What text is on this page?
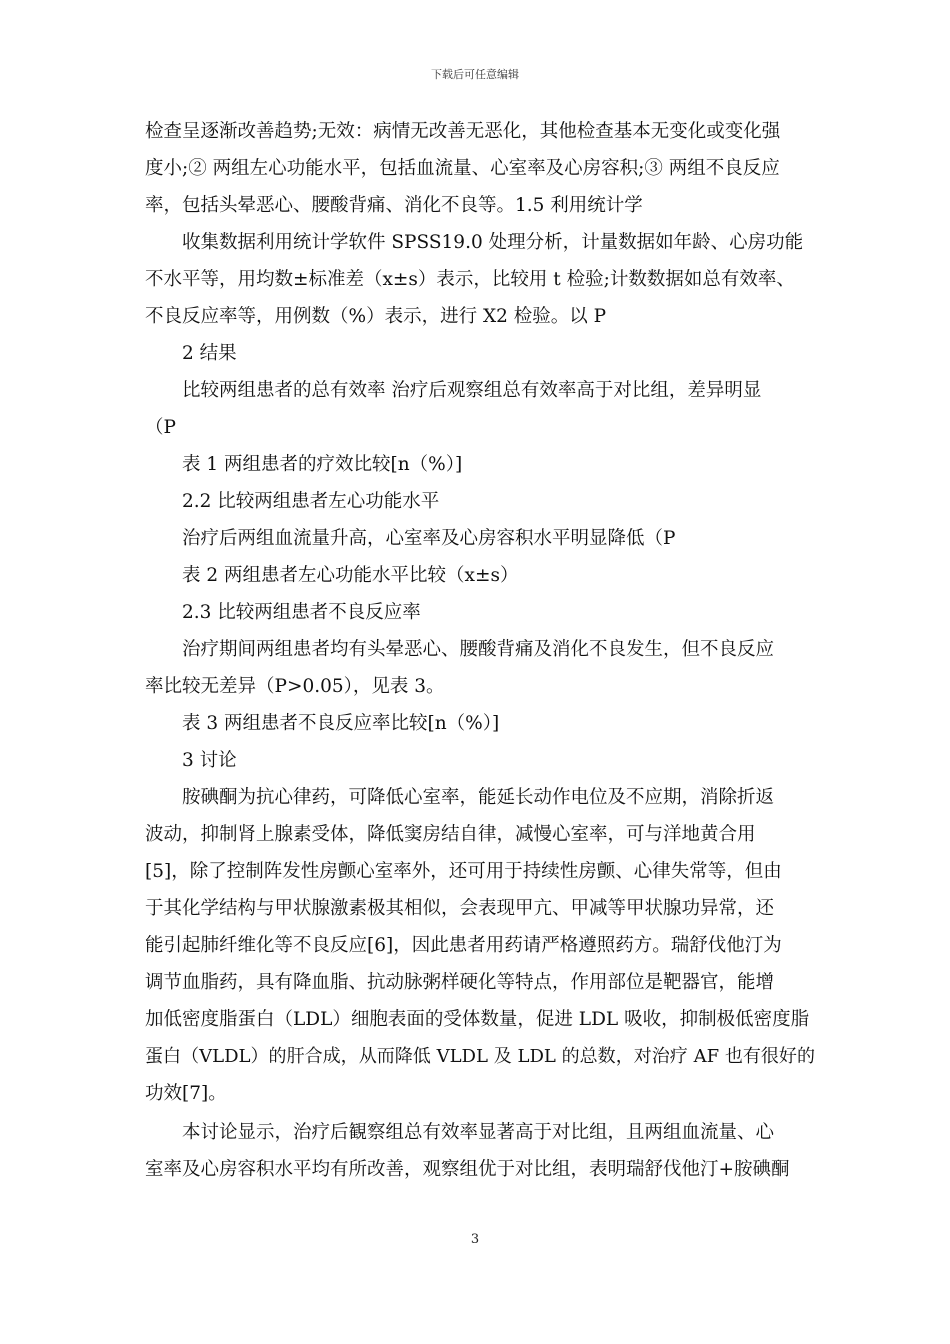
下载后可任意编辑
检查呈逐渐改善趋势;无效：病情无改善无恶化，其他检查基本无变化或变化强
度小;② 两组左心功能水平，包括血流量、心室率及心房容积;③ 两组不良反应
率，包括头晕恶心、腰酸背痛、消化不良等。1.5 利用统计学
收集数据利用统计学软件 SPSS19.0 处理分析，计量数据如年龄、心房功能
不水平等，用均数±标准差（x±s）表示，比较用 t 检验;计数数据如总有效率、
不良反应率等，用例数（%）表示，进行 X2 检验。以 P
2 结果
比较两组患者的总有效率 治疗后观察组总有效率高于对比组，差异明显
（P
表 1 两组患者的疗效比较[n（%）]
2.2 比较两组患者左心功能水平
治疗后两组血流量升高，心室率及心房容积水平明显降低（P
表 2 两组患者左心功能水平比较（x±s）
2.3 比较两组患者不良反应率
治疗期间两组患者均有头晕恶心、腰酸背痛及消化不良发生，但不良反应
率比较无差异（P>0.05），见表 3。
表 3 两组患者不良反应率比较[n（%）]
3 讨论
胺碘酮为抗心律药，可降低心室率，能延长动作电位及不应期，消除折返
波动，抑制肾上腺素受体，降低窦房结自律，减慢心室率，可与洋地黄合用
[5]，除了控制阵发性房颤心室率外，还可用于持续性房颤、心律失常等，但由
于其化学结构与甲状腺激素极其相似，会表现甲亢、甲减等甲状腺功异常，还
能引起肺纤维化等不良反应[6]，因此患者用药请严格遵照药方。瑞舒伐他汀为
调节血脂药，具有降血脂、抗动脉粥样硬化等特点，作用部位是靶器官，能增
加低密度脂蛋白（LDL）细胞表面的受体数量，促进 LDL 吸收，抑制极低密度脂
蛋白（VLDL）的肝合成，从而降低 VLDL 及 LDL 的总数，对治疗 AF 也有很好的
功效[7]。
本讨论显示，治疗后観察组总有效率显著高于对比组，且两组血流量、心
室率及心房容积水平均有所改善，观察组优于对比组，表明瑞舒伐他汀+胺碘酮
3
